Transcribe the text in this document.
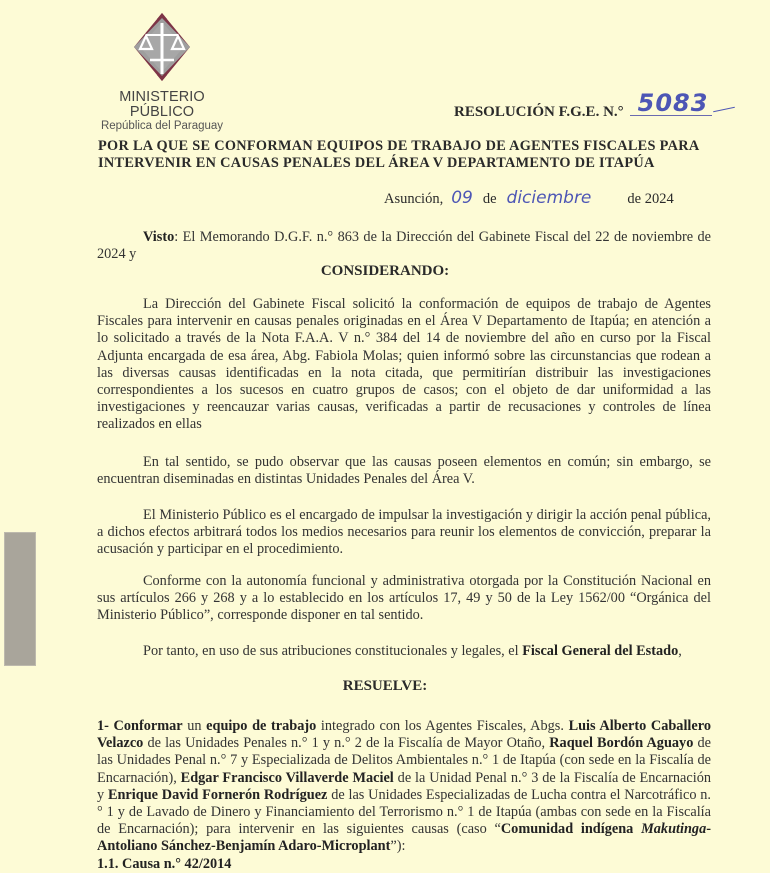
MINISTERIO PÚBLICO
República del Paraguay
RESOLUCIÓN F.G.E. N.° 5083
POR LA QUE SE CONFORMAN EQUIPOS DE TRABAJO DE AGENTES FISCALES PARA
INTERVENIR EN CAUSAS PENALES DEL ÁREA V DEPARTAMENTO DE ITAPÚA
Asunción, 09 de diciembre de 2024
Visto: El Memorando D.G.F. n.° 863 de la Dirección del Gabinete Fiscal del 22 de noviembre de 2024 y
CONSIDERANDO:
La Dirección del Gabinete Fiscal solicitó la conformación de equipos de trabajo de Agentes Fiscales para intervenir en causas penales originadas en el Área V Departamento de Itapúa; en atención a lo solicitado a través de la Nota F.A.A. V n.° 384 del 14 de noviembre del año en curso por la Fiscal Adjunta encargada de esa área, Abg. Fabiola Molas; quien informó sobre las circunstancias que rodean a las diversas causas identificadas en la nota citada, que permitirían distribuir las investigaciones correspondientes a los sucesos en cuatro grupos de casos; con el objeto de dar uniformidad a las investigaciones y reencauzar varias causas, verificadas a partir de recusaciones y controles de línea realizados en ellas
En tal sentido, se pudo observar que las causas poseen elementos en común; sin embargo, se encuentran diseminadas en distintas Unidades Penales del Área V.
El Ministerio Público es el encargado de impulsar la investigación y dirigir la acción penal pública, a dichos efectos arbitrará todos los medios necesarios para reunir los elementos de convicción, preparar la acusación y participar en el procedimiento.
Conforme con la autonomía funcional y administrativa otorgada por la Constitución Nacional en sus artículos 266 y 268 y a lo establecido en los artículos 17, 49 y 50 de la Ley 1562/00 “Orgánica del Ministerio Público”, corresponde disponer en tal sentido.
Por tanto, en uso de sus atribuciones constitucionales y legales, el Fiscal General del Estado,
RESUELVE:
1- Conformar un equipo de trabajo integrado con los Agentes Fiscales, Abgs. Luis Alberto Caballero Velazco de las Unidades Penales n.° 1 y n.° 2 de la Fiscalía de Mayor Otaño, Raquel Bordón Aguayo de las Unidades Penal n.° 7 y Especializada de Delitos Ambientales n.° 1 de Itapúa (con sede en la Fiscalía de Encarnación), Edgar Francisco Villaverde Maciel de la Unidad Penal n.° 3 de la Fiscalía de Encarnación y Enrique David Fornerón Rodríguez de las Unidades Especializadas de Lucha contra el Narcotráfico n.° 1 y de Lavado de Dinero y Financiamiento del Terrorismo n.° 1 de Itapúa (ambas con sede en la Fiscalía de Encarnación); para intervenir en las siguientes causas (caso “Comunidad indígena Makutinga- Antoliano Sánchez-Benjamín Adaro-Microplant”):
1.1. Causa n.° 42/2014
